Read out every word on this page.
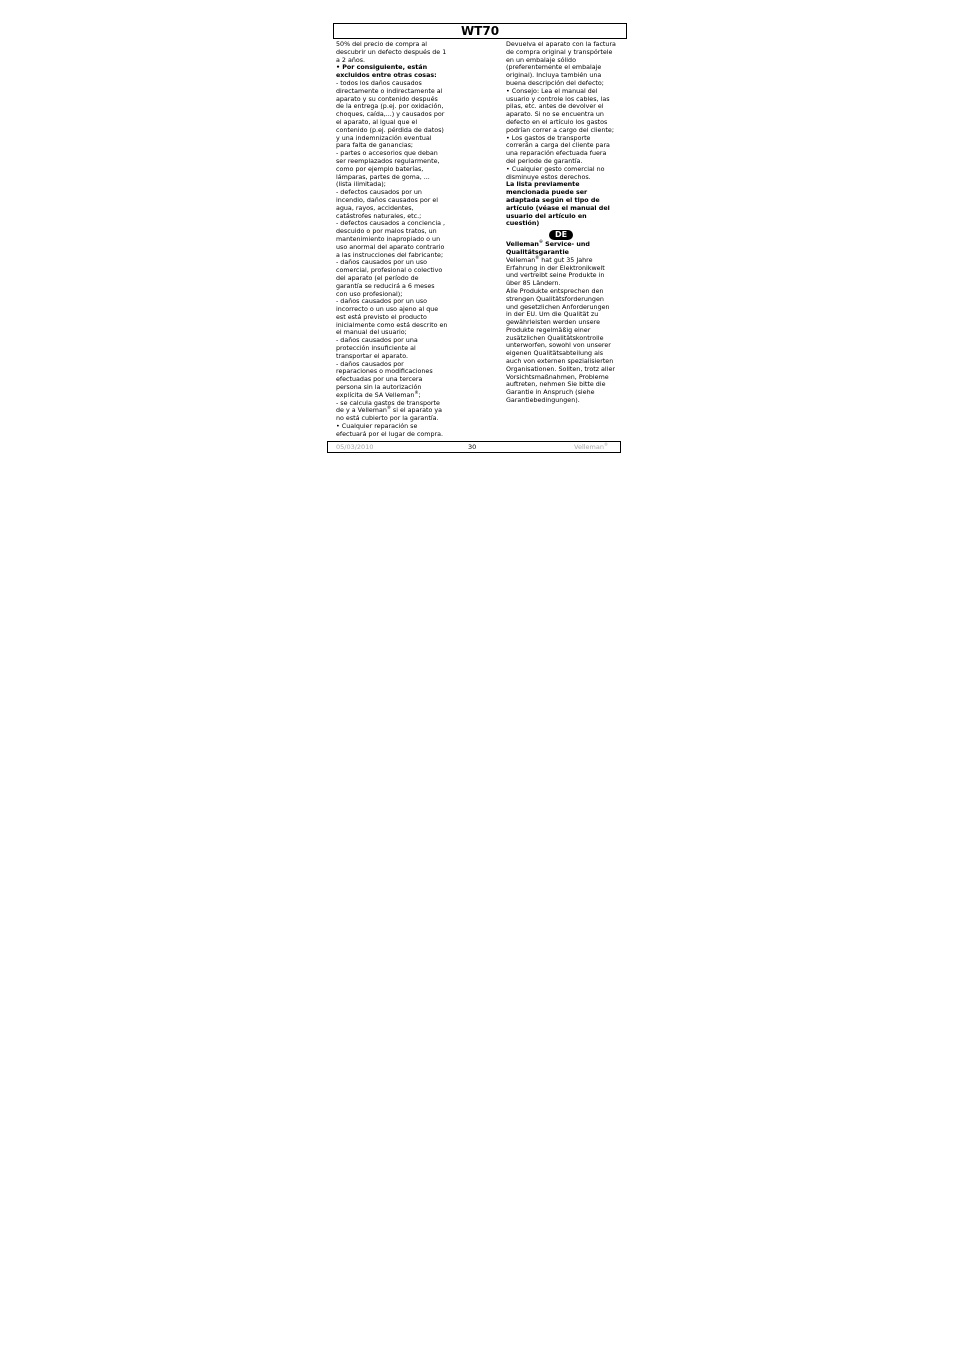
WT70

50% del precio de compra al

descubrir un defecto después de 1

a 2 años.

• Por consiguiente, están

excluidos entre otras cosas:

- todos los daños causados

directamente o indirectamente al

aparato y su contenido después

de la entrega (p.ej. por oxidación,

choques, caída,...) y causados por

el aparato, al igual que el

contenido (p.ej. pérdida de datos)

y una indemnización eventual

para falta de ganancias;

- partes o accesorios que deban

ser reemplazados regularmente,

como por ejemplo baterías,

lámparas, partes de goma, ...

(lista ilimitada);

- defectos causados por un

incendio, daños causados por el

agua, rayos, accidentes,

catástrofes naturales, etc.;

- defectos causados a conciencia ,

descuido o por malos tratos, un

mantenimiento inapropiado o un

uso anormal del aparato contrario

a las instrucciones del fabricante;

- daños causados por un uso

comercial, profesional o colectivo

del aparato (el período de

garantía se reducirá a 6 meses

con uso profesional);

- daños causados por un uso

incorrecto o un uso ajeno al que

est está previsto el producto

inicialmente como está descrito en

el manual del usuario;

- daños causados por una

protección insuficiente al

transportar el aparato.

- daños causados por

reparaciones o modificaciones

efectuadas por una tercera

persona sin la autorización

explícita de SA Velleman®;

- se calcula gastos de transporte

de y a Velleman® si el aparato ya

no está cubierto por la garantía.

• Cualquier reparación se

efectuará por el lugar de compra.

Devuelva el aparato con la factura

de compra original y transpórtele

en un embalaje sólido

(preferentemente el embalaje

original). Incluya también una

buena descripción del defecto;

• Consejo: Lea el manual del

usuario y controle los cables, las

pilas, etc. antes de devolver el

aparato. Si no se encuentra un

defecto en el artículo los gastos

podrían correr a cargo del cliente;

• Los gastos de transporte

correrán a carga del cliente para

una reparación efectuada fuera

del periode de garantía.

• Cualquier gesto comercial no

disminuye estos derechos.

La lista previamente

mencionada puede ser

adaptada según el tipo de

artículo (véase el manual del

usuario del artículo en

cuestión)

DE

Velleman® Service- und

Qualitätsgarantie

Velleman® hat gut 35 Jahre

Erfahrung in der Elektronikwelt

und vertreibt seine Produkte in

über 85 Ländern.

Alle Produkte entsprechen den

strengen Qualitätsforderungen

und gesetzlichen Anforderungen

in der EU. Um die Qualität zu

gewährleisten werden unsere

Produkte regelmäßig einer

zusätzlichen Qualitätskontrolle

unterworfen, sowohl von unserer

eigenen Qualitätsabteilung als

auch von externen spezialisierten

Organisationen. Sollten, trotz aller

Vorsichtsmaßnahmen, Probleme

auftreten, nehmen Sie bitte die

Garantie in Anspruch (siehe

Garantiebedingungen).

05/03/2010	30	Velleman®
